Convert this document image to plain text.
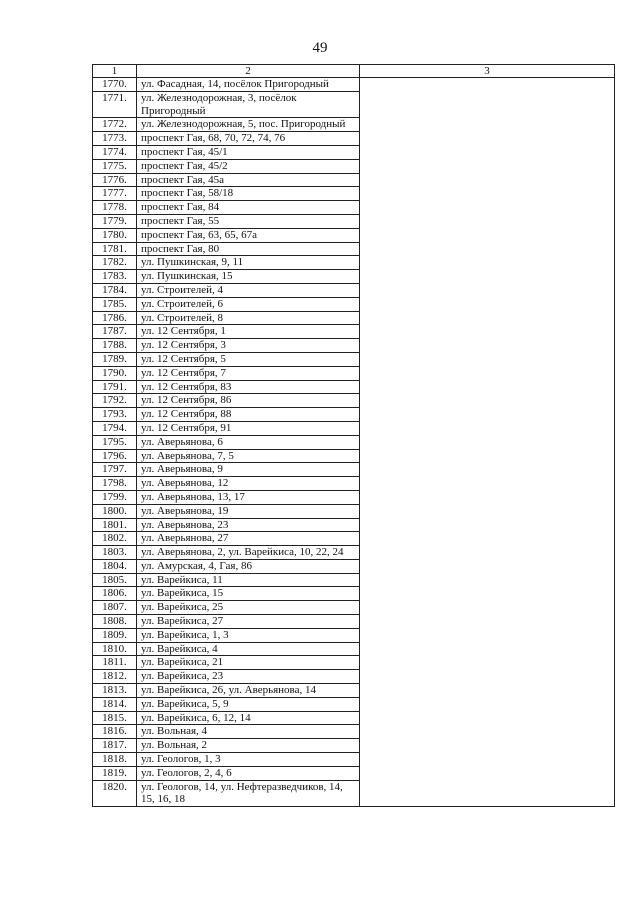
49
1	2	3
1770.	ул. Фасадная, 14, посёлок Пригородный	
1771.	ул. Железнодорожная, 3, посёлок Пригородный	
1772.	ул. Железнодорожная, 5, пос. Пригородный	
1773.	проспект Гая, 68, 70, 72, 74, 76	
1774.	проспект Гая, 45/1	
1775.	проспект Гая, 45/2	
1776.	проспект Гая, 45а	
1777.	проспект Гая, 58/18	
1778.	проспект Гая, 84	
1779.	проспект Гая, 55	
1780.	проспект Гая, 63, 65, 67а	
1781.	проспект Гая, 80	
1782.	ул. Пушкинская, 9, 11	
1783.	ул. Пушкинская, 15	
1784.	ул. Строителей, 4	
1785.	ул. Строителей, 6	
1786.	ул. Строителей, 8	
1787.	ул. 12 Сентября, 1	
1788.	ул. 12 Сентября, 3	
1789.	ул. 12 Сентября, 5	
1790.	ул. 12 Сентября, 7	
1791.	ул. 12 Сентября, 83	
1792.	ул. 12 Сентября, 86	
1793.	ул. 12 Сентября, 88	
1794.	ул. 12 Сентября, 91	
1795.	ул. Аверьянова, 6	
1796.	ул. Аверьянова, 7, 5	
1797.	ул. Аверьянова, 9	
1798.	ул. Аверьянова, 12	
1799.	ул. Аверьянова, 13, 17	
1800.	ул. Аверьянова, 19	
1801.	ул. Аверьянова, 23	
1802.	ул. Аверьянова, 27	
1803.	ул. Аверьянова, 2, ул. Варейкиса, 10, 22, 24	
1804.	ул. Амурская, 4, Гая, 86	
1805.	ул. Варейкиса, 11	
1806.	ул. Варейкиса, 15	
1807.	ул. Варейкиса, 25	
1808.	ул. Варейкиса, 27	
1809.	ул. Варейкиса, 1, 3	
1810.	ул. Варейкиса, 4	
1811.	ул. Варейкиса, 21	
1812.	ул. Варейкиса, 23	
1813.	ул. Варейкиса, 26, ул. Аверьянова, 14	
1814.	ул. Варейкиса, 5, 9	
1815.	ул. Варейкиса, 6, 12, 14	
1816.	ул. Вольная, 4	
1817.	ул. Вольная, 2	
1818.	ул. Геологов, 1, 3	
1819.	ул. Геологов, 2, 4, 6	
1820.	ул. Геологов, 14, ул. Нефтеразведчиков, 14, 15, 16, 18	
